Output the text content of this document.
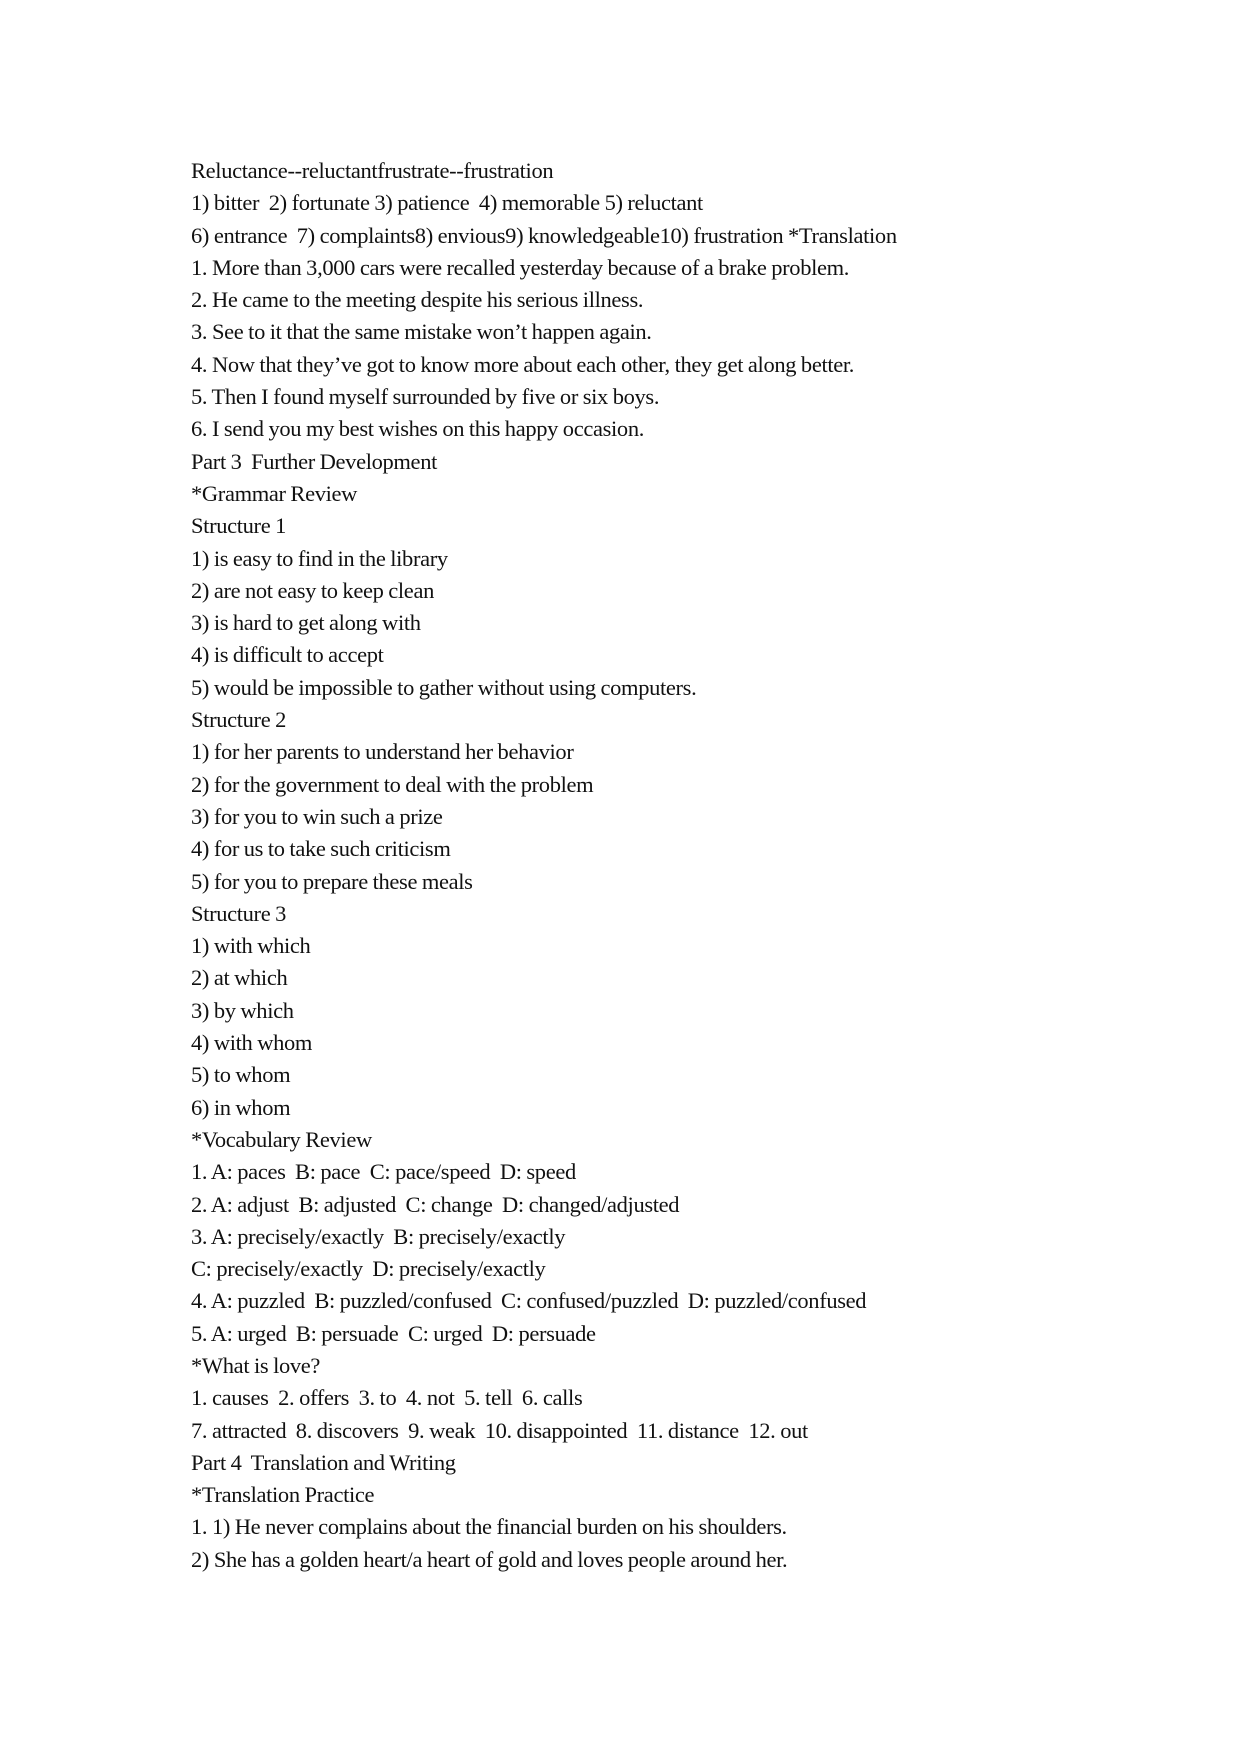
Reluctance--reluctantfrustrate--frustration
1) bitter  2) fortunate 3) patience  4) memorable 5) reluctant
6) entrance  7) complaints8) envious9) knowledgeable10) frustration *Translation
1. More than 3,000 cars were recalled yesterday because of a brake problem.
2. He came to the meeting despite his serious illness.
3. See to it that the same mistake won’t happen again.
4. Now that they’ve got to know more about each other, they get along better.
5. Then I found myself surrounded by five or six boys.
6. I send you my best wishes on this happy occasion.
Part 3  Further Development
*Grammar Review
Structure 1
1) is easy to find in the library
2) are not easy to keep clean
3) is hard to get along with
4) is difficult to accept
5) would be impossible to gather without using computers.
Structure 2
1) for her parents to understand her behavior
2) for the government to deal with the problem
3) for you to win such a prize
4) for us to take such criticism
5) for you to prepare these meals
Structure 3
1) with which
2) at which
3) by which
4) with whom
5) to whom
6) in whom
*Vocabulary Review
1. A: paces  B: pace  C: pace/speed  D: speed
2. A: adjust  B: adjusted  C: change  D: changed/adjusted
3. A: precisely/exactly  B: precisely/exactly
C: precisely/exactly  D: precisely/exactly
4. A: puzzled  B: puzzled/confused  C: confused/puzzled  D: puzzled/confused
5. A: urged  B: persuade  C: urged  D: persuade
*What is love?
1. causes  2. offers  3. to  4. not  5. tell  6. calls
7. attracted  8. discovers  9. weak  10. disappointed  11. distance  12. out
Part 4  Translation and Writing
*Translation Practice
1. 1) He never complains about the financial burden on his shoulders.
2) She has a golden heart/a heart of gold and loves people around her.
